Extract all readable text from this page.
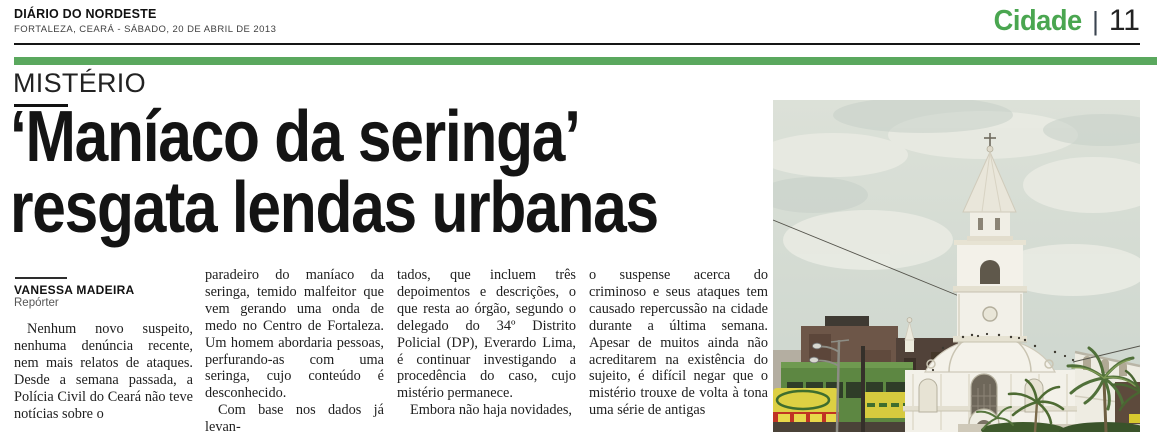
DIÁRIO DO NORDESTE
FORTALEZA, CEARÁ - SÁBADO, 20 DE ABRIL DE 2013	Cidade | 11
MISTÉRIO
‘Maníaco da seringa’
resgata lendas urbanas
VANESSA MADEIRA
Repórter

Nenhum novo suspeito, nenhuma denúncia recente, nem mais relatos de ataques. Desde a semana passada, a Polícia Civil do Ceará não teve notícias sobre o

paradeiro do maníaco da seringa, temido malfeitor que vem gerando uma onda de medo no Centro de Fortaleza. Um homem abordaria pessoas, perfurando-as com uma seringa, cujo conteúdo é desconhecido.

Com base nos dados já levan-

tados, que incluem três depoimentos e descrições, o que resta ao órgão, segundo o delegado do 34º Distrito Policial (DP), Everardo Lima, é continuar investigando a procedência do caso, cujo mistério permanece.

Embora não haja novidades,

o suspense acerca do criminoso e seus ataques tem causado repercussão na cidade durante a última semana. Apesar de muitos ainda não acreditarem na existência do sujeito, é difícil negar que o mistério trouxe de volta à tona uma série de antigas
